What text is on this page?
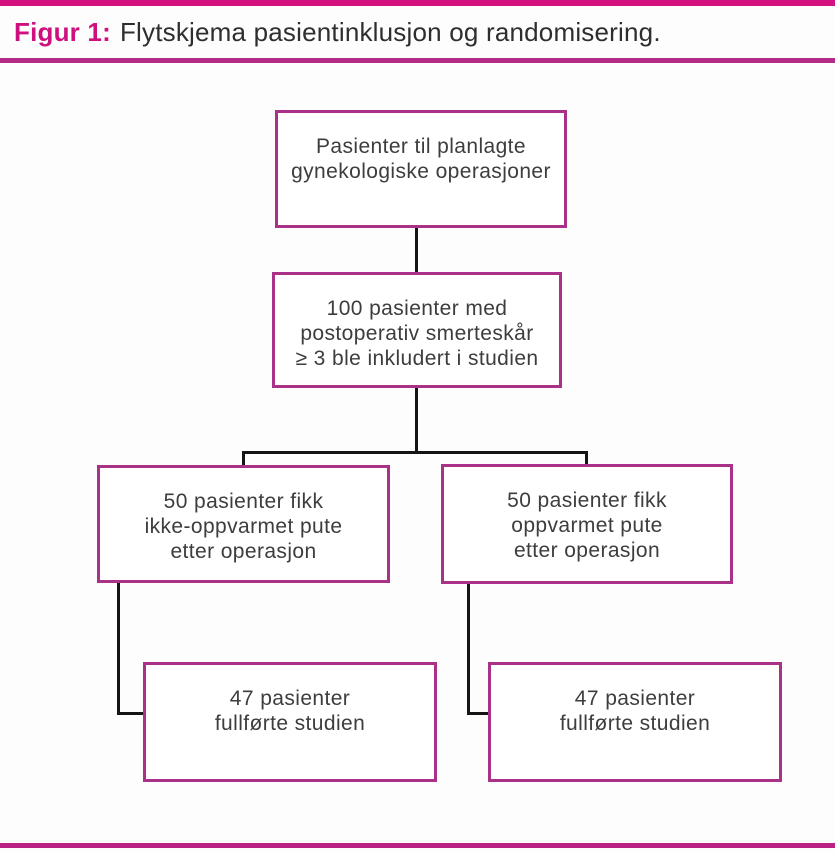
Figur 1: Flytskjema pasientinklusjon og randomisering.
Pasienter til planlagte
gynekologiske operasjoner
100 pasienter med
postoperativ smerteskår
≥ 3 ble inkludert i studien
50 pasienter fikk
ikke-oppvarmet pute
etter operasjon
50 pasienter fikk
oppvarmet pute
etter operasjon
47 pasienter
fullførte studien
47 pasienter
fullførte studien
